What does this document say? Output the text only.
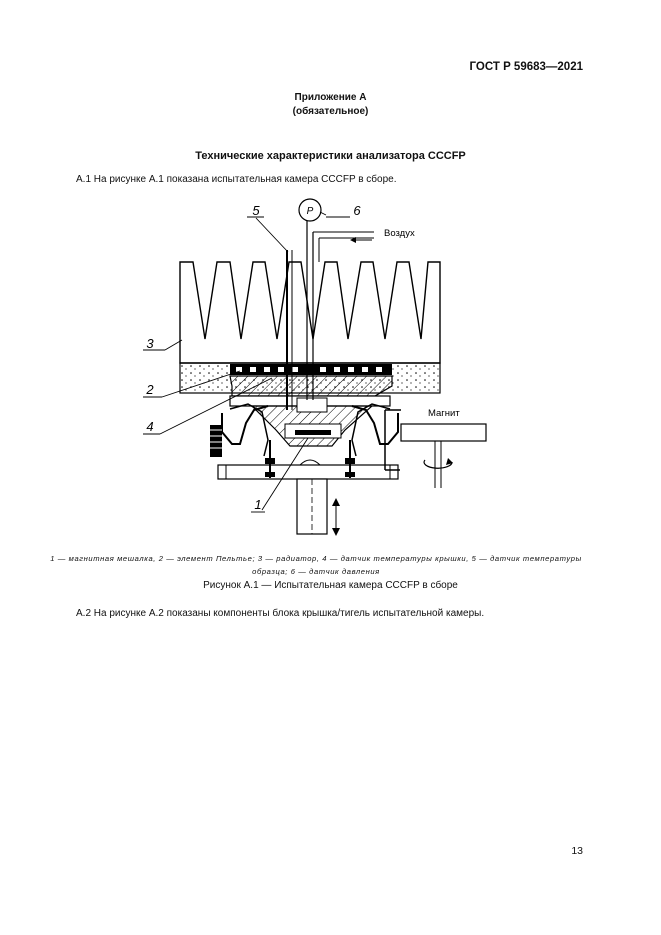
ГОСТ Р 59683—2021
Приложение А
(обязательное)
Технические характеристики анализатора CCCFP
А.1 На рисунке А.1 показана испытательная камера CCCFP в сборе.
P
5	6
3
2
4
1
Воздух
Магнит
1 — магнитная мешалка, 2 — элемент Пельтье; 3 — радиатор, 4 — датчик температуры крышки, 5 — датчик температуры
образца; 6 — датчик давления
Рисунок А.1 — Испытательная камера CCCFP в сборе
А.2 На рисунке А.2 показаны компоненты блока крышка/тигель испытательной камеры.
13
